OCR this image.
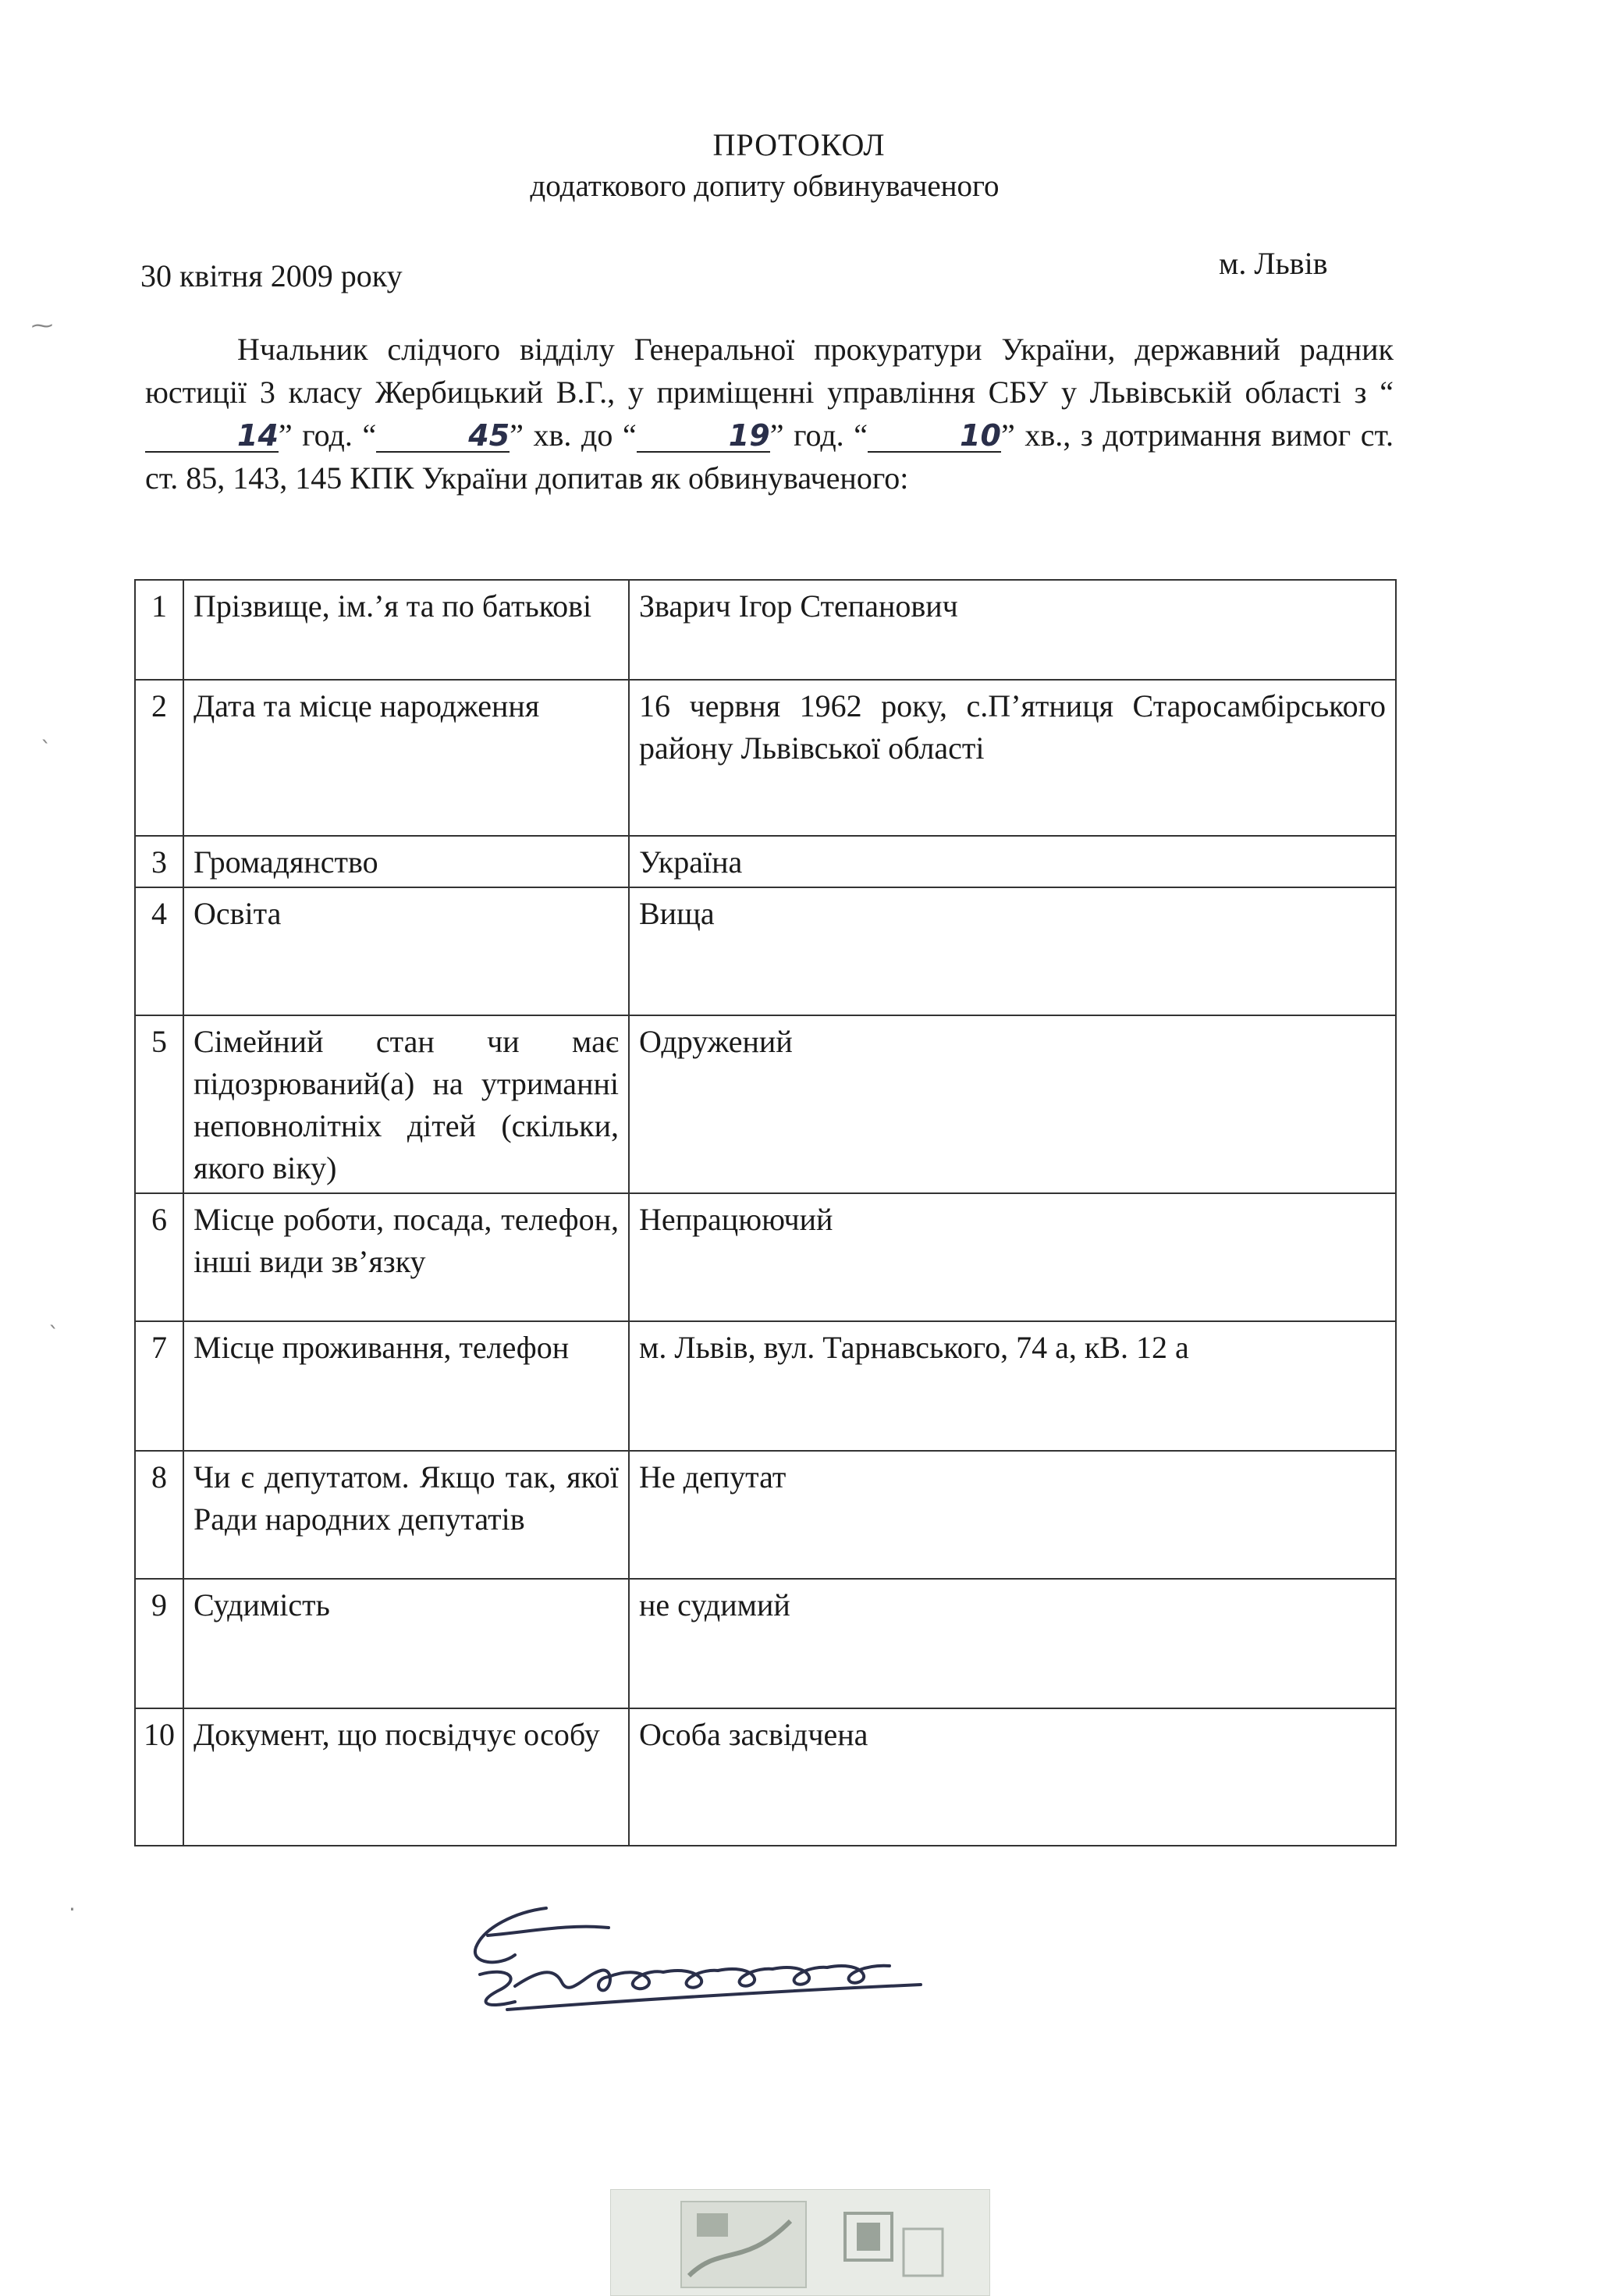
ПРОТОКОЛ
додаткового допиту обвинуваченого
30 квітня 2009 року	м. Львів
Нчальник слідчого відділу Генеральної прокуратури України, державний радник юстиції 3 класу Жербицький В.Г., у приміщенні управління СБУ у Львівській області з “14” год. “	45” хв. до “	19” год. “	10” хв., з дотримання вимог ст. ст. 85, 143, 145 КПК України допитав як обвинуваченого:
1	Прізвище, ім.’я та по батькові	Зварич Ігор Степанович
2	Дата та місце народження	16 червня 1962 року, с.П’ятниця Старосамбірського району Львівської області
3	Громадянство	Україна
4	Освіта	Вища
5	Сімейний стан чи має підозрюваний(а) на утриманні неповнолітніх дітей (скільки, якого віку)	Одружений
6	Місце роботи, посада, телефон, інші види зв’язку	Непрацюючий
7	Місце проживання, телефон	м. Львів, вул. Тарнавського, 74 а, кВ. 12 а
8	Чи є депутатом. Якщо так, якої Ради народних депутатів	Не депутат
9	Судимість	не судимий
10	Документ, що посвідчує особу	Особа засвідчена
⁓
ˎ
ˎ
·
